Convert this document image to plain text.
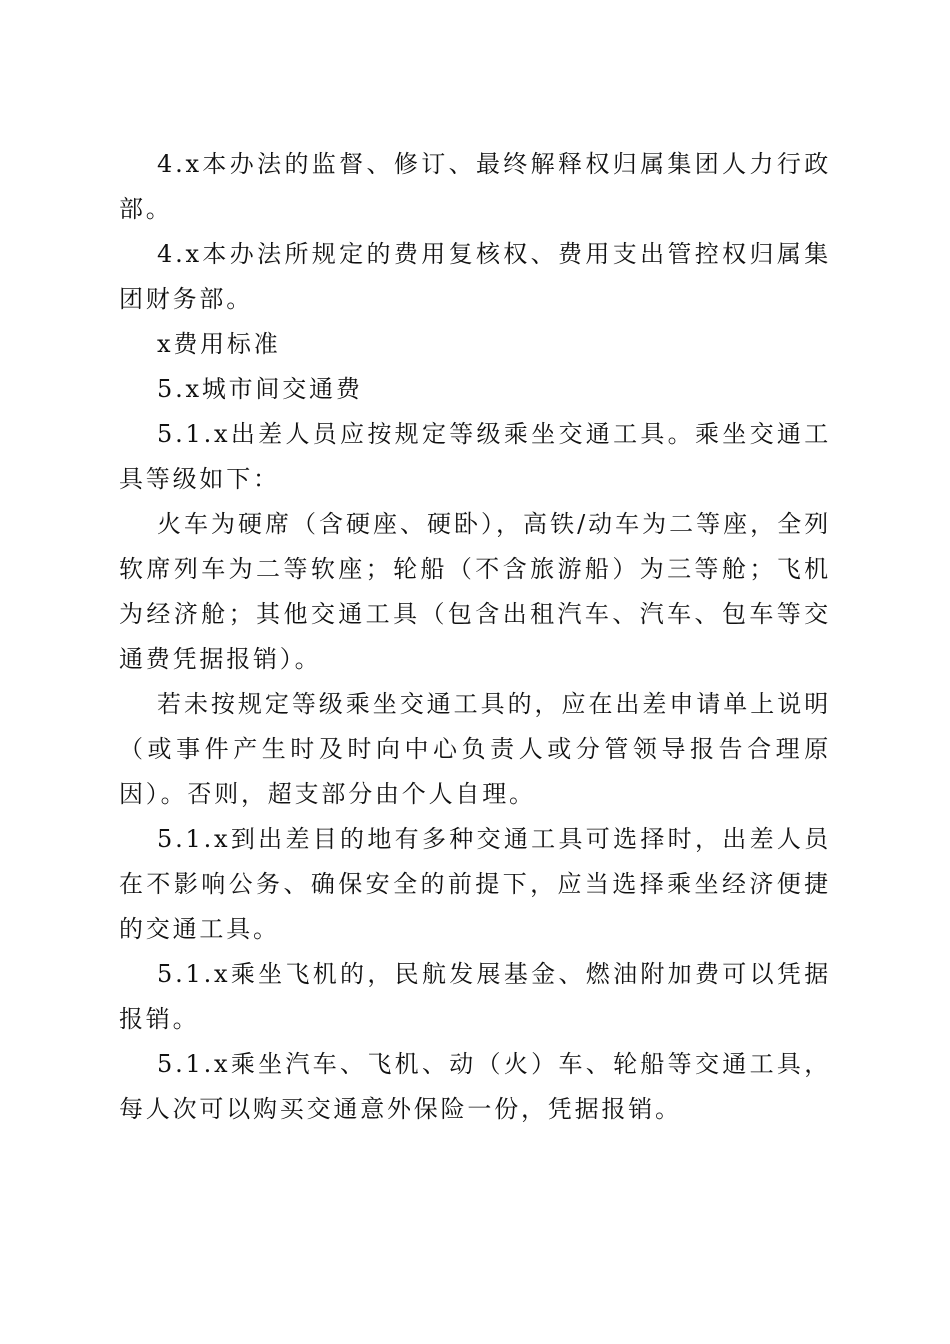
4.x本办法的监督、修订、最终解释权归属集团人力行政部。

4.x本办法所规定的费用复核权、费用支出管控权归属集团财务部。

x费用标准

5.x城市间交通费

5.1.x出差人员应按规定等级乘坐交通工具。乘坐交通工具等级如下：

火车为硬席（含硬座、硬卧），高铁/动车为二等座，全列软席列车为二等软座；轮船（不含旅游船）为三等舱；飞机为经济舱；其他交通工具（包含出租汽车、汽车、包车等交通费凭据报销）。

若未按规定等级乘坐交通工具的，应在出差申请单上说明（或事件产生时及时向中心负责人或分管领导报告合理原因）。否则，超支部分由个人自理。

5.1.x到出差目的地有多种交通工具可选择时，出差人员在不影响公务、确保安全的前提下，应当选择乘坐经济便捷的交通工具。

5.1.x乘坐飞机的，民航发展基金、燃油附加费可以凭据报销。

5.1.x乘坐汽车、飞机、动（火）车、轮船等交通工具，每人次可以购买交通意外保险一份，凭据报销。
